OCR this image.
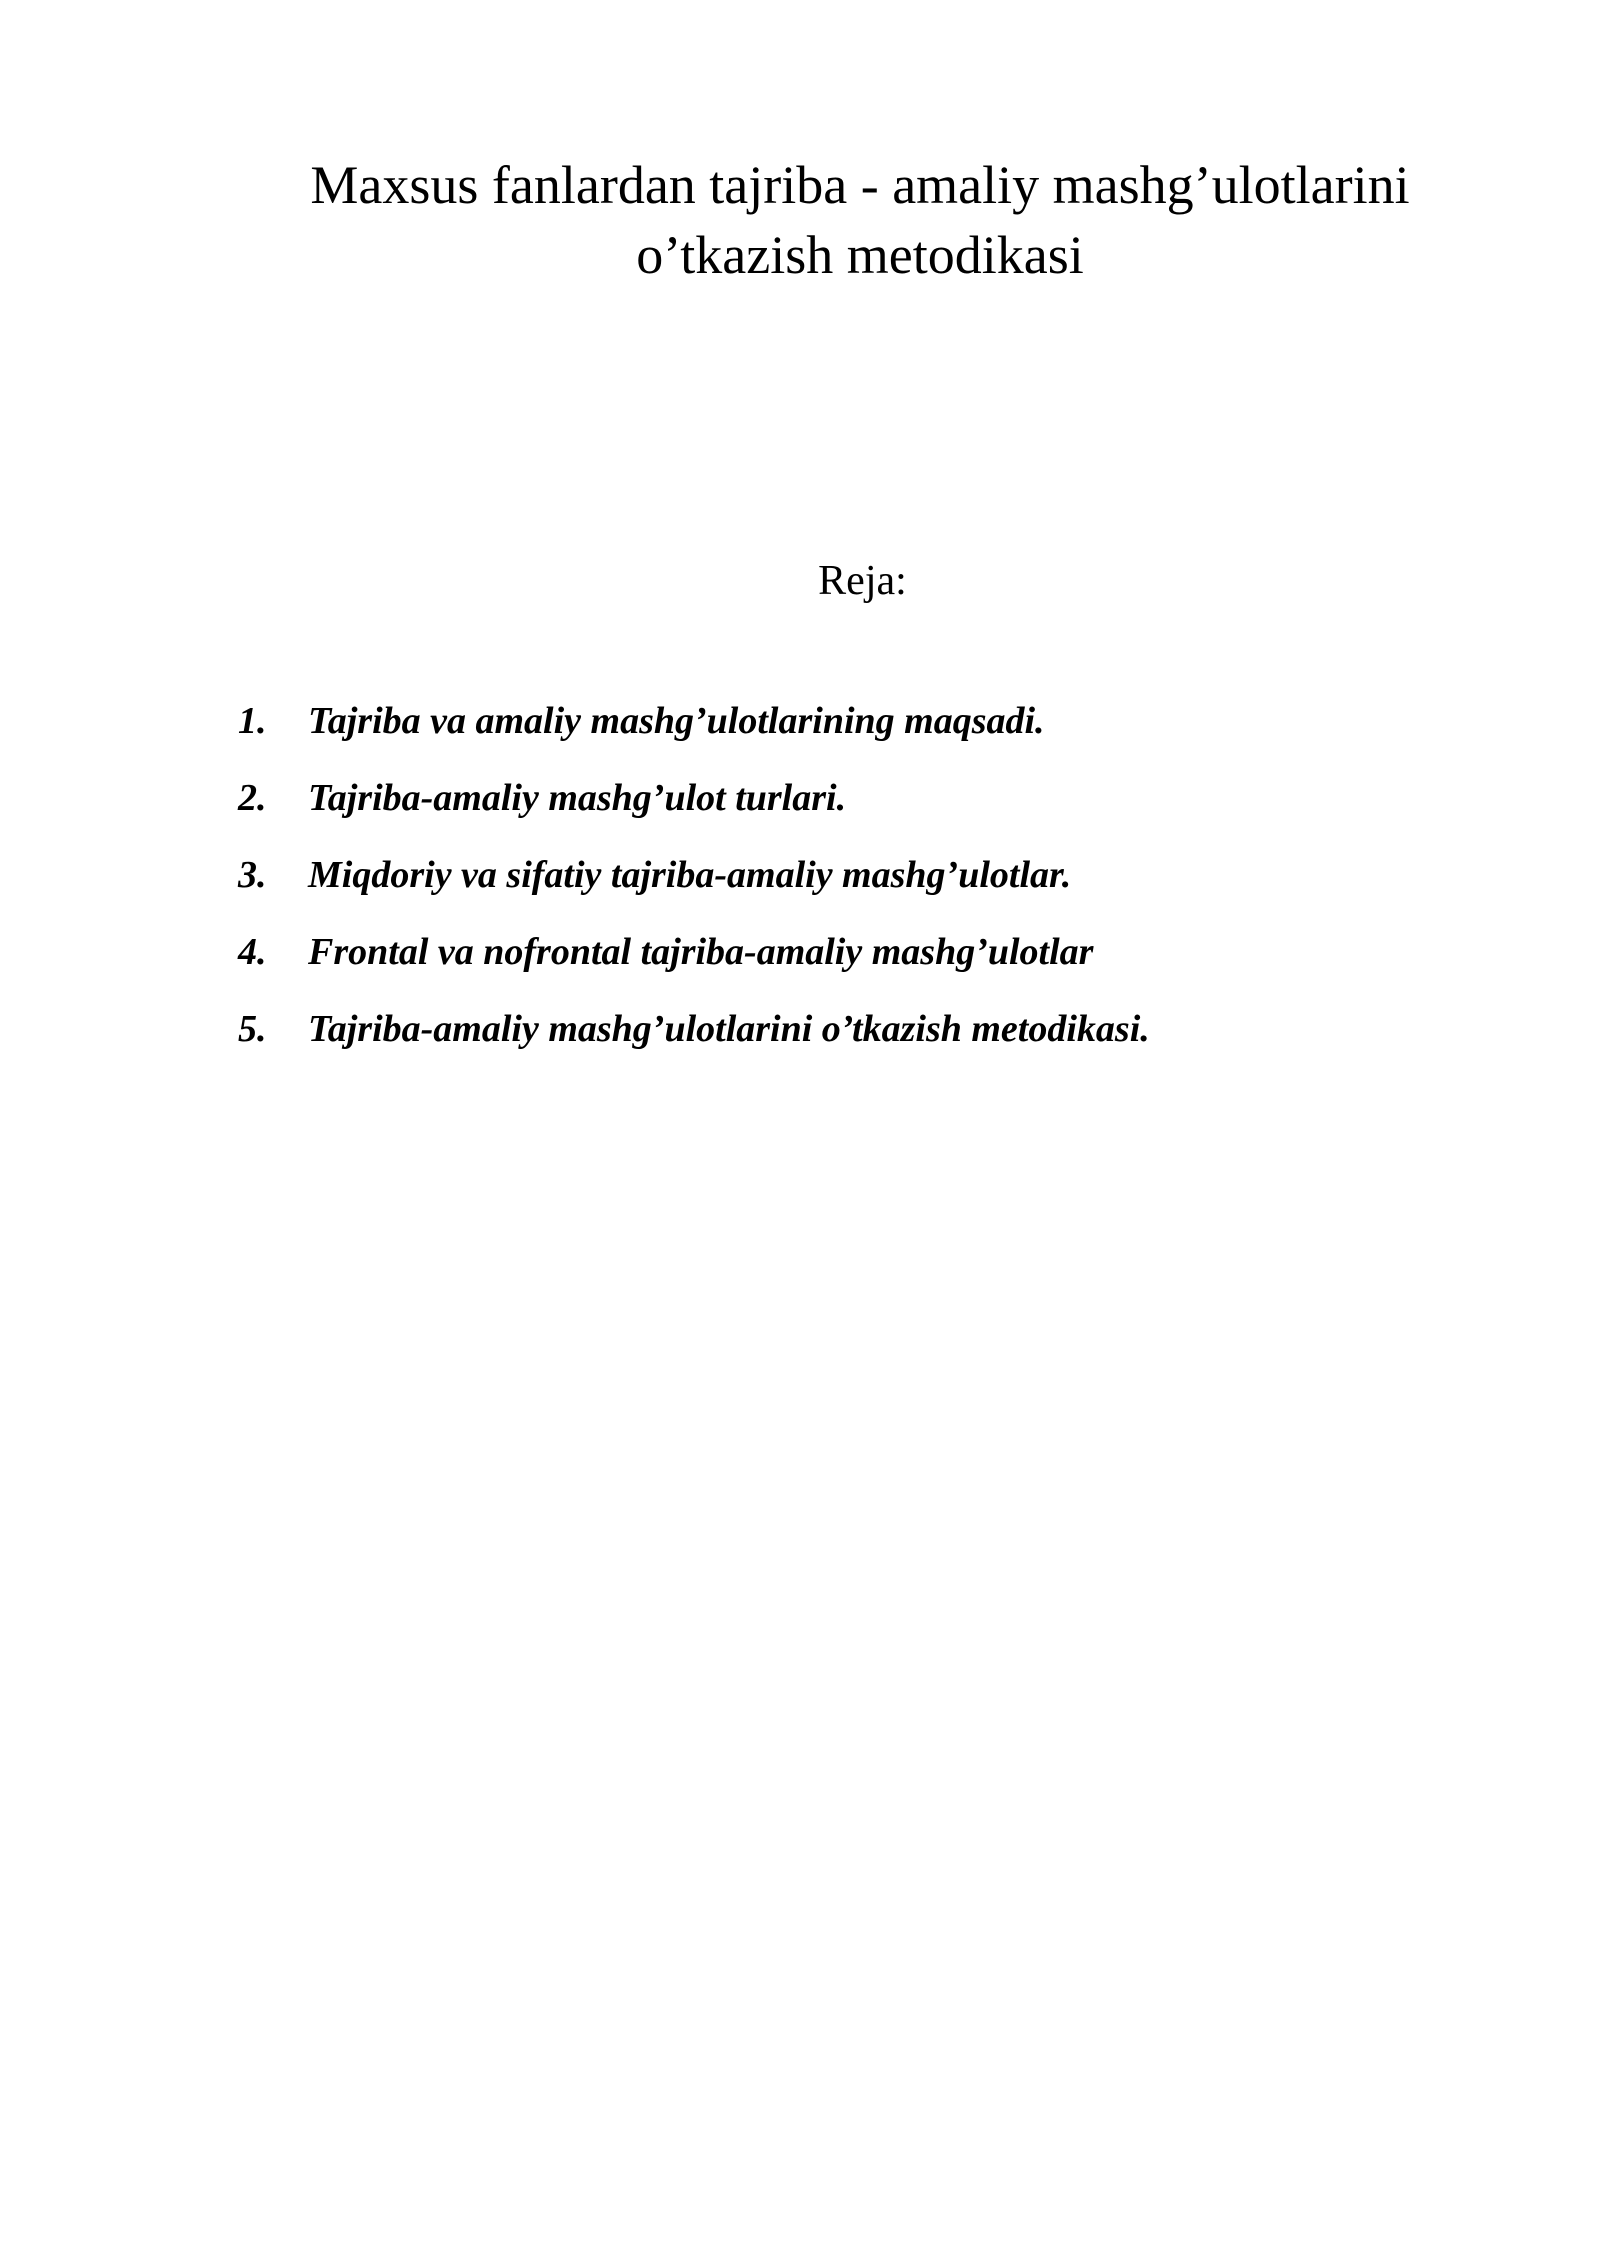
Maxsus fanlardan tajriba - amaliy mashg’ulotlarini
o’tkazish metodikasi
Reja:
1.	Tajriba va amaliy mashg’ulotlarining maqsadi.
2.	Tajriba-amaliy mashg’ulot turlari.
3.	Miqdoriy va sifatiy tajriba-amaliy mashg’ulotlar.
4.	Frontal va nofrontal tajriba-amaliy mashg’ulotlar
5.	Tajriba-amaliy mashg’ulotlarini o’tkazish metodikasi.
